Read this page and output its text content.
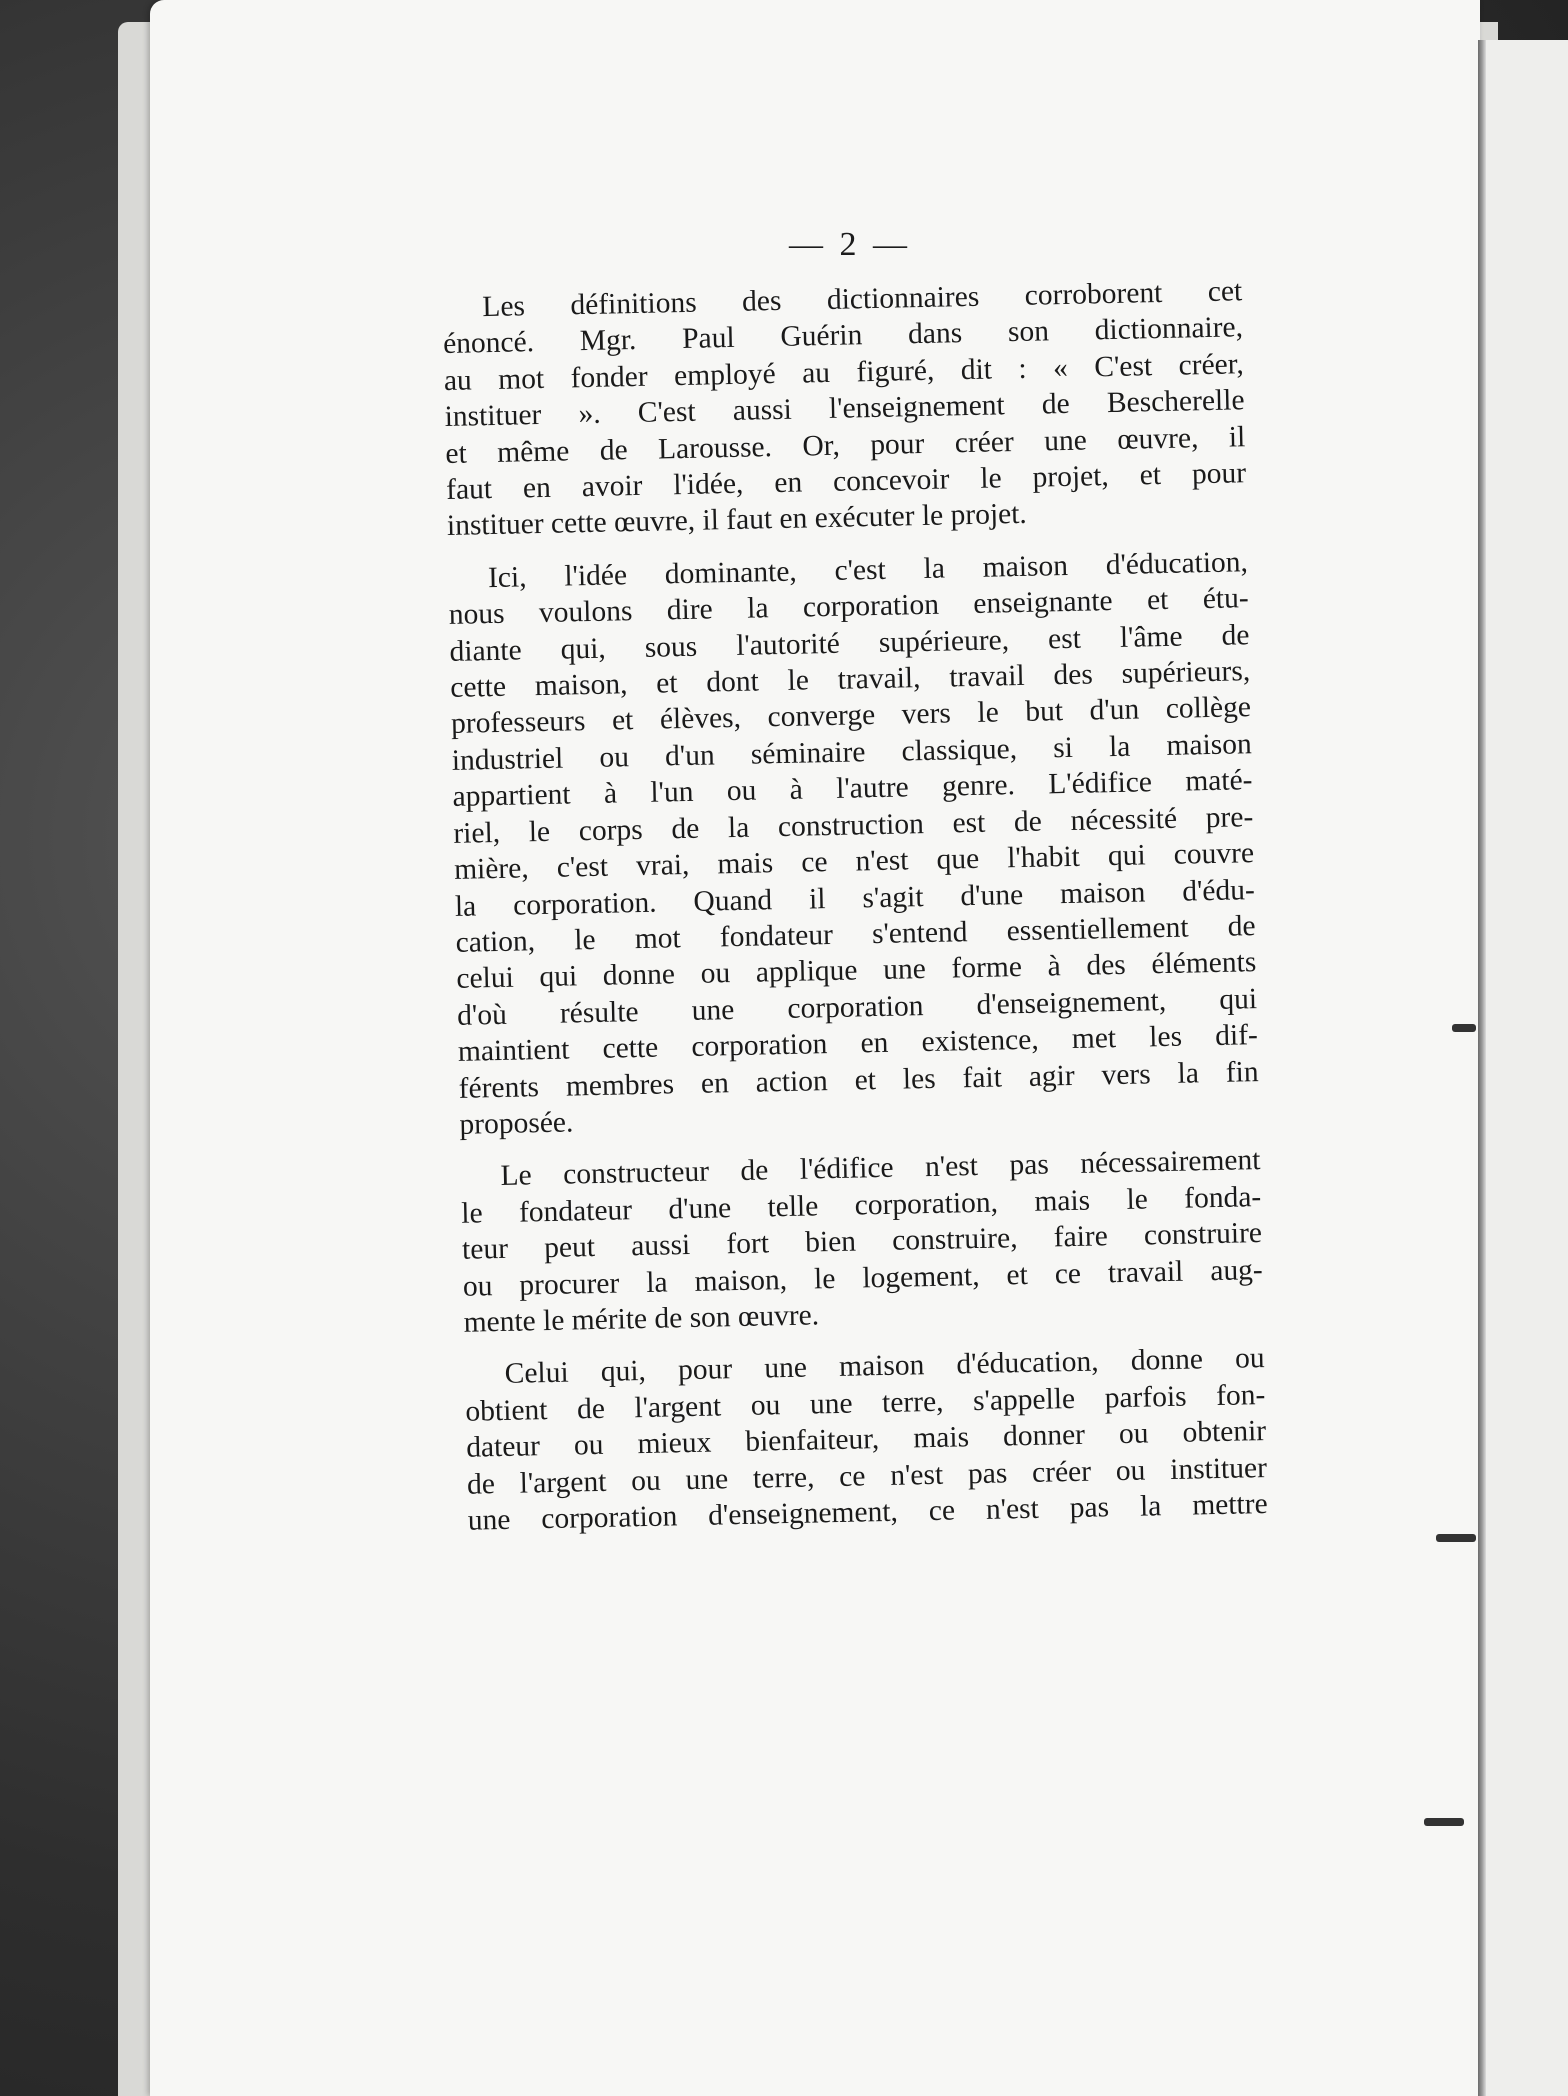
— 2 —

Les définitions des dictionnaires corroborent cet
énoncé. Mgr. Paul Guérin dans son dictionnaire,
au mot fonder employé au figuré, dit : « C'est créer,
instituer ». C'est aussi l'enseignement de Bescherelle
et même de Larousse. Or, pour créer une œuvre, il
faut en avoir l'idée, en concevoir le projet, et pour
instituer cette œuvre, il faut en exécuter le projet.

Ici, l'idée dominante, c'est la maison d'éducation,
nous voulons dire la corporation enseignante et étu-
diante qui, sous l'autorité supérieure, est l'âme de
cette maison, et dont le travail, travail des supérieurs,
professeurs et élèves, converge vers le but d'un collège
industriel ou d'un séminaire classique, si la maison
appartient à l'un ou à l'autre genre. L'édifice maté-
riel, le corps de la construction est de nécessité pre-
mière, c'est vrai, mais ce n'est que l'habit qui couvre
la corporation. Quand il s'agit d'une maison d'édu-
cation, le mot fondateur s'entend essentiellement de
celui qui donne ou applique une forme à des éléments
d'où résulte une corporation d'enseignement, qui
maintient cette corporation en existence, met les dif-
férents membres en action et les fait agir vers la fin
proposée.

Le constructeur de l'édifice n'est pas nécessairement
le fondateur d'une telle corporation, mais le fonda-
teur peut aussi fort bien construire, faire construire
ou procurer la maison, le logement, et ce travail aug-
mente le mérite de son œuvre.

Celui qui, pour une maison d'éducation, donne ou
obtient de l'argent ou une terre, s'appelle parfois fon-
dateur ou mieux bienfaiteur, mais donner ou obtenir
de l'argent ou une terre, ce n'est pas créer ou instituer
une corporation d'enseignement, ce n'est pas la mettre
